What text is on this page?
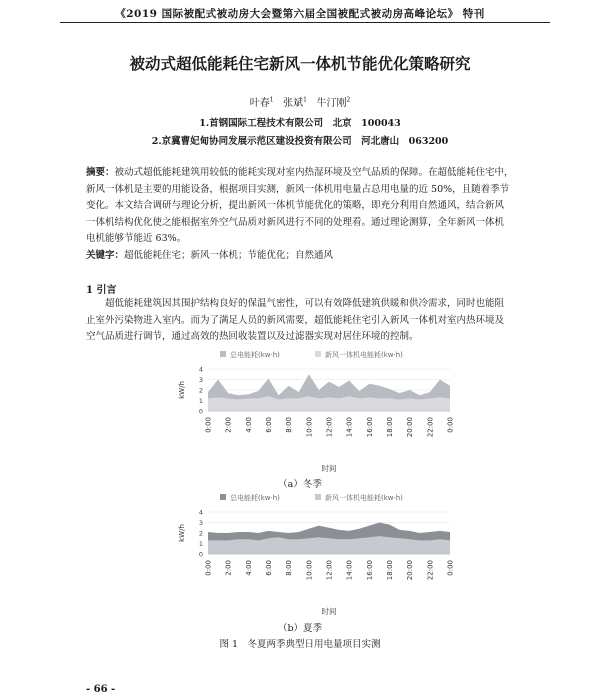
《2019 国际被配式被动房大会暨第六届全国被配式被动房高峰论坛》 特刊
被动式超低能耗住宅新风一体机节能优化策略研究
叶春$^1$ 张斌$^1$ 牛汀刚$^2$
1.首钢国际工程技术有限公司　北京　100043
2.京冀曹妃甸协同发展示范区建设投资有限公司　河北唐山　063200
摘要：被动式超低能耗建筑用较低的能耗实现对室内热湿环境及空气品质的保障。在超低能耗住宅中，
新风一体机是主要的用能设备，根据项目实测，新风一体机用电量占总用电量的近 50%，且随着季节
变化。本文结合调研与理论分析，提出新风一体机节能优化的策略，即充分利用自然通风，结合新风
一体机结构优化使之能根据室外空气品质对新风进行不同的处理看。通过理论测算，全年新风一体机
电机能够节能近 63%。
关键字：超低能耗住宅；新风一体机；节能优化；自然通风
1 引言
　　超低能耗建筑因其围护结构良好的保温气密性，可以有效降低建筑供暖和供冷需求，同时也能阻
止室外污染物进入室内。而为了满足人员的新风需要，超低能耗住宅引入新风一体机对室内热环境及
空气品质进行调节，通过高效的热回收装置以及过滤器实现对居住环境的控制。
总电能耗(kw·h)	新风一体机电能耗(kw·h)
0
1
2
3
4
kW/h
0:00 2:00 4:00 6:00 8:00 10:00 12:00 14:00 16:00 18:00 20:00 22:00 0:00
时间
（a）冬季
总电能耗(kw·h)	新风一体机电能耗(kw·h)
0
1
2
3
4
kW/h
0:00 2:00 4:00 6:00 8:00 10:00 12:00 14:00 16:00 18:00 20:00 22:00 0:00
时间
（b）夏季
图 1　冬夏两季典型日用电量项目实测
- 66 -
